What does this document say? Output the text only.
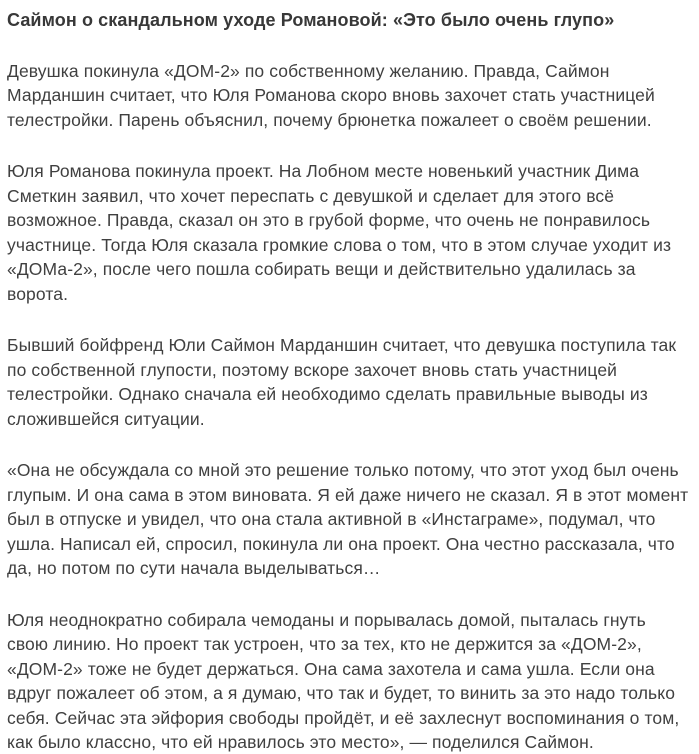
Саймон о скандальном уходе Романовой: «Это было очень глупо»

Девушка покинула «ДОМ-2» по собственному желанию. Правда, Саймон Марданшин считает, что Юля Романова скоро вновь захочет стать участницей телестройки. Парень объяснил, почему брюнетка пожалеет о своём решении.

Юля Романова покинула проект. На Лобном месте новенький участник Дима Сметкин заявил, что хочет переспать с девушкой и сделает для этого всё возможное. Правда, сказал он это в грубой форме, что очень не понравилось участнице. Тогда Юля сказала громкие слова о том, что в этом случае уходит из «ДОМа-2», после чего пошла собирать вещи и действительно удалилась за ворота.

Бывший бойфренд Юли Саймон Марданшин считает, что девушка поступила так по собственной глупости, поэтому вскоре захочет вновь стать участницей телестройки. Однако сначала ей необходимо сделать правильные выводы из сложившейся ситуации.

«Она не обсуждала со мной это решение только потому, что этот уход был очень глупым. И она сама в этом виновата. Я ей даже ничего не сказал. Я в этот момент был в отпуске и увидел, что она стала активной в «Инстаграме», подумал, что ушла. Написал ей, спросил, покинула ли она проект. Она честно рассказала, что да, но потом по сути начала выделываться…

Юля неоднократно собирала чемоданы и порывалась домой, пыталась гнуть свою линию. Но проект так устроен, что за тех, кто не держится за «ДОМ-2», «ДОМ-2» тоже не будет держаться. Она сама захотела и сама ушла. Если она вдруг пожалеет об этом, а я думаю, что так и будет, то винить за это надо только себя. Сейчас эта эйфория свободы пройдёт, и её захлеснут воспоминания о том, как было классно, что ей нравилось это место», — поделился Саймон.
